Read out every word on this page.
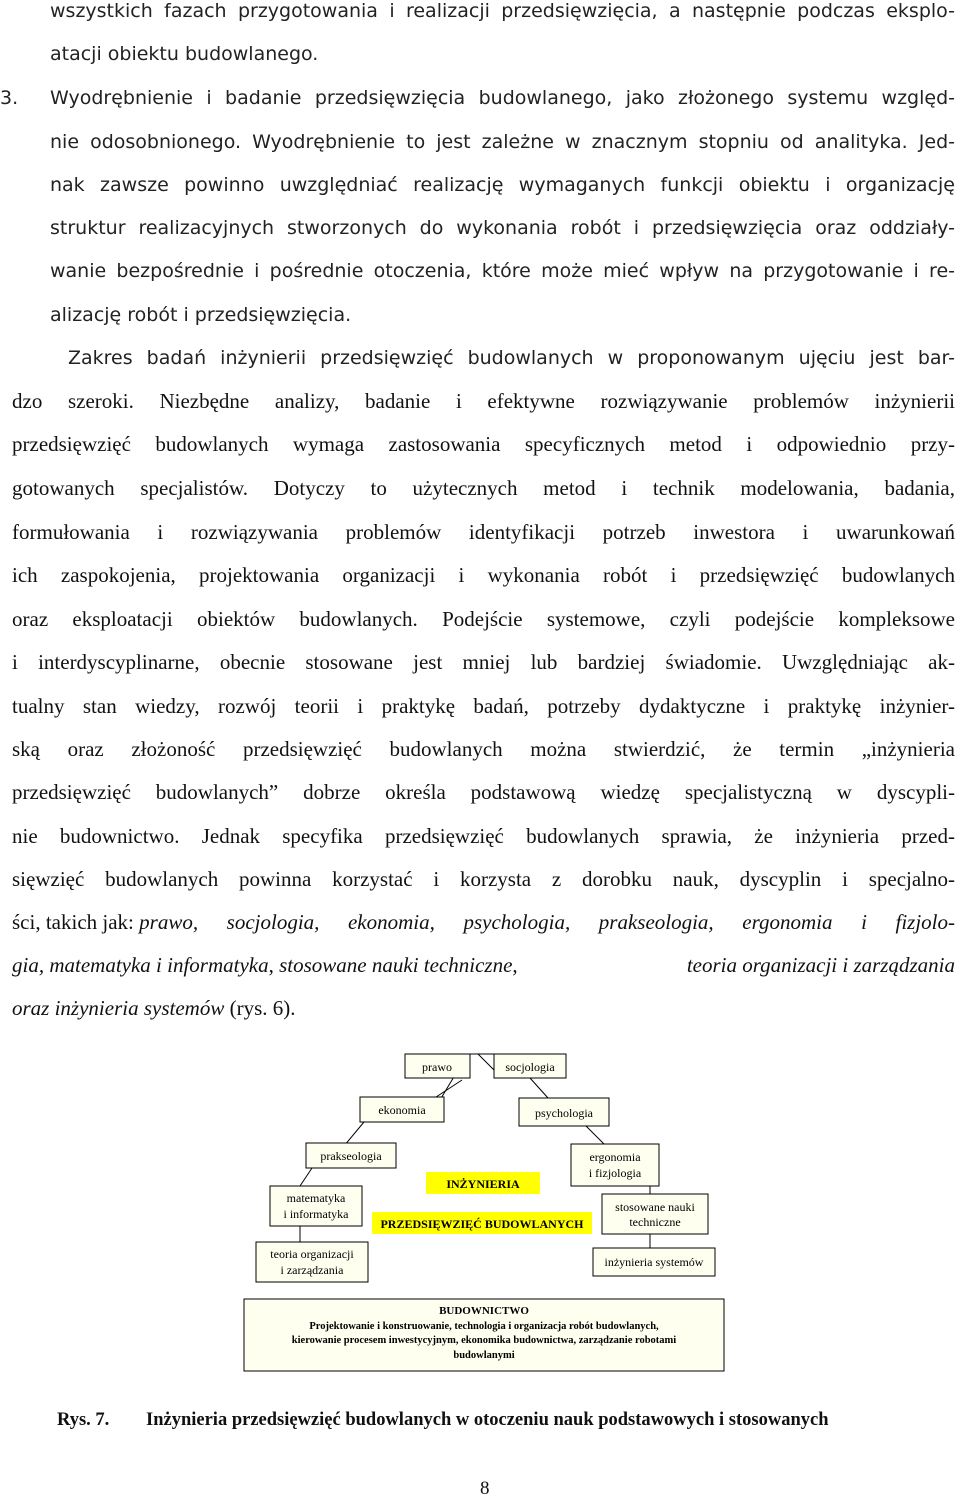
wszystkich fazach przygotowania i realizacji przedsięwzięcia, a następnie podczas eksplo-
atacji obiektu budowlanego.
3. Wyodrębnienie i badanie przedsięwzięcia budowlanego, jako złożonego systemu względ-
nie odosobnionego. Wyodrębnienie to jest zależne w znacznym stopniu od analityka. Jed-
nak zawsze powinno uwzględniać realizację wymaganych funkcji obiektu i organizację
struktur realizacyjnych stworzonych do wykonania robót i przedsięwzięcia oraz oddziały-
wanie bezpośrednie i pośrednie otoczenia, które może mieć wpływ na przygotowanie i re-
alizację robót i przedsięwzięcia.
Zakres badań inżynierii przedsięwzięć budowlanych w proponowanym ujęciu jest bar-
dzo szeroki. Niezbędne analizy, badanie i efektywne rozwiązywanie problemów inżynierii
przedsięwzięć budowlanych wymaga zastosowania specyficznych metod i odpowiednio przy-
gotowanych specjalistów. Dotyczy to użytecznych metod i technik modelowania, badania,
formułowania i rozwiązywania problemów identyfikacji potrzeb inwestora i uwarunkowań
ich zaspokojenia, projektowania organizacji i wykonania robót i przedsięwzięć budowlanych
oraz eksploatacji obiektów budowlanych. Podejście systemowe, czyli podejście kompleksowe
i interdyscyplinarne, obecnie stosowane jest mniej lub bardziej świadomie. Uwzględniając ak-
tualny stan wiedzy, rozwój teorii i praktykę badań, potrzeby dydaktyczne i praktykę inżynier-
ską oraz złożoność przedsięwzięć budowlanych można stwierdzić, że termin „inżynieria
przedsięwzięć budowlanych” dobrze określa podstawową wiedzę specjalistyczną w dyscypli-
nie budownictwo. Jednak specyfika przedsięwzięć budowlanych sprawia, że inżynieria przed-
sięwzięć budowlanych powinna korzystać i korzysta z dorobku nauk, dyscyplin i specjalno-
ści, takich jak: prawo, socjologia, ekonomia, psychologia, prakseologia, ergonomia i fizjolo-
gia, matematyka i informatyka, stosowane nauki techniczne,	teoria organizacji i zarządzania
oraz inżynieria systemów (rys. 6).
prawo	socjologia
ekonomia	psychologia
prakseologia	ergonomia
i fizjologia
INŻYNIERIA
PRZEDSIĘWZIĘĆ BUDOWLANYCH
matematyka
i informatyka	stosowane nauki
techniczne
teoria organizacji
i zarządzania
inżynieria systemów
BUDOWNICTWO
Projektowanie i konstruowanie, technologia i organizacja robót budowlanych,
kierowanie procesem inwestycyjnym, ekonomika budownictwa, zarządzanie robotami
budowlanymi
Rys. 7. Inżynieria przedsięwzięć budowlanych w otoczeniu nauk podstawowych i stosowanych
8
